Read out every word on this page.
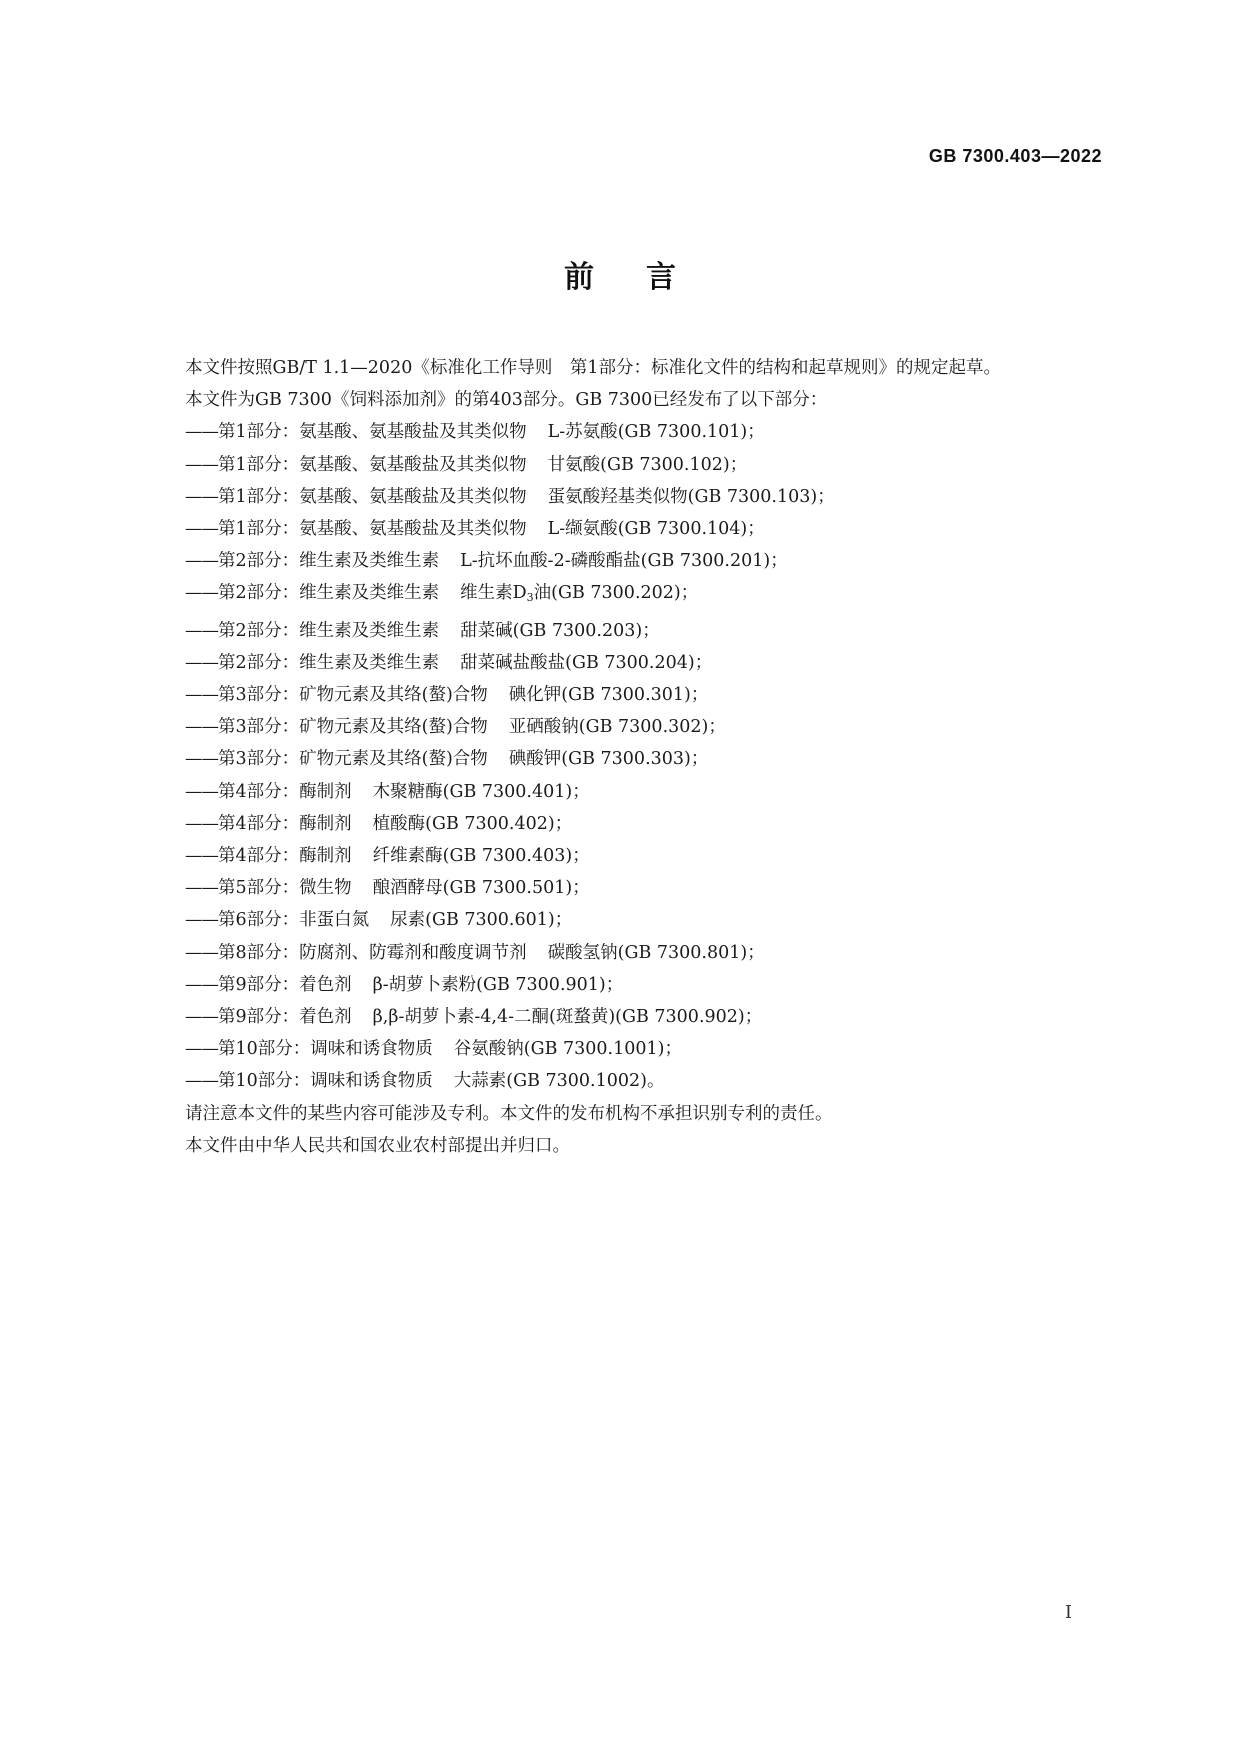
GB 7300.403—2022
前言

本文件按照GB/T 1.1—2020《标准化工作导则　第1部分：标准化文件的结构和起草规则》的规定起草。

本文件为GB 7300《饲料添加剂》的第403部分。GB 7300已经发布了以下部分：

——第1部分：氨基酸、氨基酸盐及其类似物 L-苏氨酸(GB 7300.101)；
——第1部分：氨基酸、氨基酸盐及其类似物 甘氨酸(GB 7300.102)；
——第1部分：氨基酸、氨基酸盐及其类似物 蛋氨酸羟基类似物(GB 7300.103)；
——第1部分：氨基酸、氨基酸盐及其类似物 L-缬氨酸(GB 7300.104)；
——第2部分：维生素及类维生素 L-抗坏血酸-2-磷酸酯盐(GB 7300.201)；
——第2部分：维生素及类维生素 维生素$D_3$油(GB 7300.202)；
——第2部分：维生素及类维生素 甜菜碱(GB 7300.203)；
——第2部分：维生素及类维生素 甜菜碱盐酸盐(GB 7300.204)；
——第3部分：矿物元素及其络(螯)合物 碘化钾(GB 7300.301)；
——第3部分：矿物元素及其络(螯)合物 亚硒酸钠(GB 7300.302)；
——第3部分：矿物元素及其络(螯)合物 碘酸钾(GB 7300.303)；
——第4部分：酶制剂 木聚糖酶(GB 7300.401)；
——第4部分：酶制剂 植酸酶(GB 7300.402)；
——第4部分：酶制剂 纤维素酶(GB 7300.403)；
——第5部分：微生物 酿酒酵母(GB 7300.501)；
——第6部分：非蛋白氮 尿素(GB 7300.601)；
——第8部分：防腐剂、防霉剂和酸度调节剂 碳酸氢钠(GB 7300.801)；
——第9部分：着色剂 β-胡萝卜素粉(GB 7300.901)；
——第9部分：着色剂 β,β-胡萝卜素-4,4-二酮(斑蝥黄)(GB 7300.902)；
——第10部分：调味和诱食物质 谷氨酸钠(GB 7300.1001)；
——第10部分：调味和诱食物质 大蒜素(GB 7300.1002)。

请注意本文件的某些内容可能涉及专利。本文件的发布机构不承担识别专利的责任。

本文件由中华人民共和国农业农村部提出并归口。

I
